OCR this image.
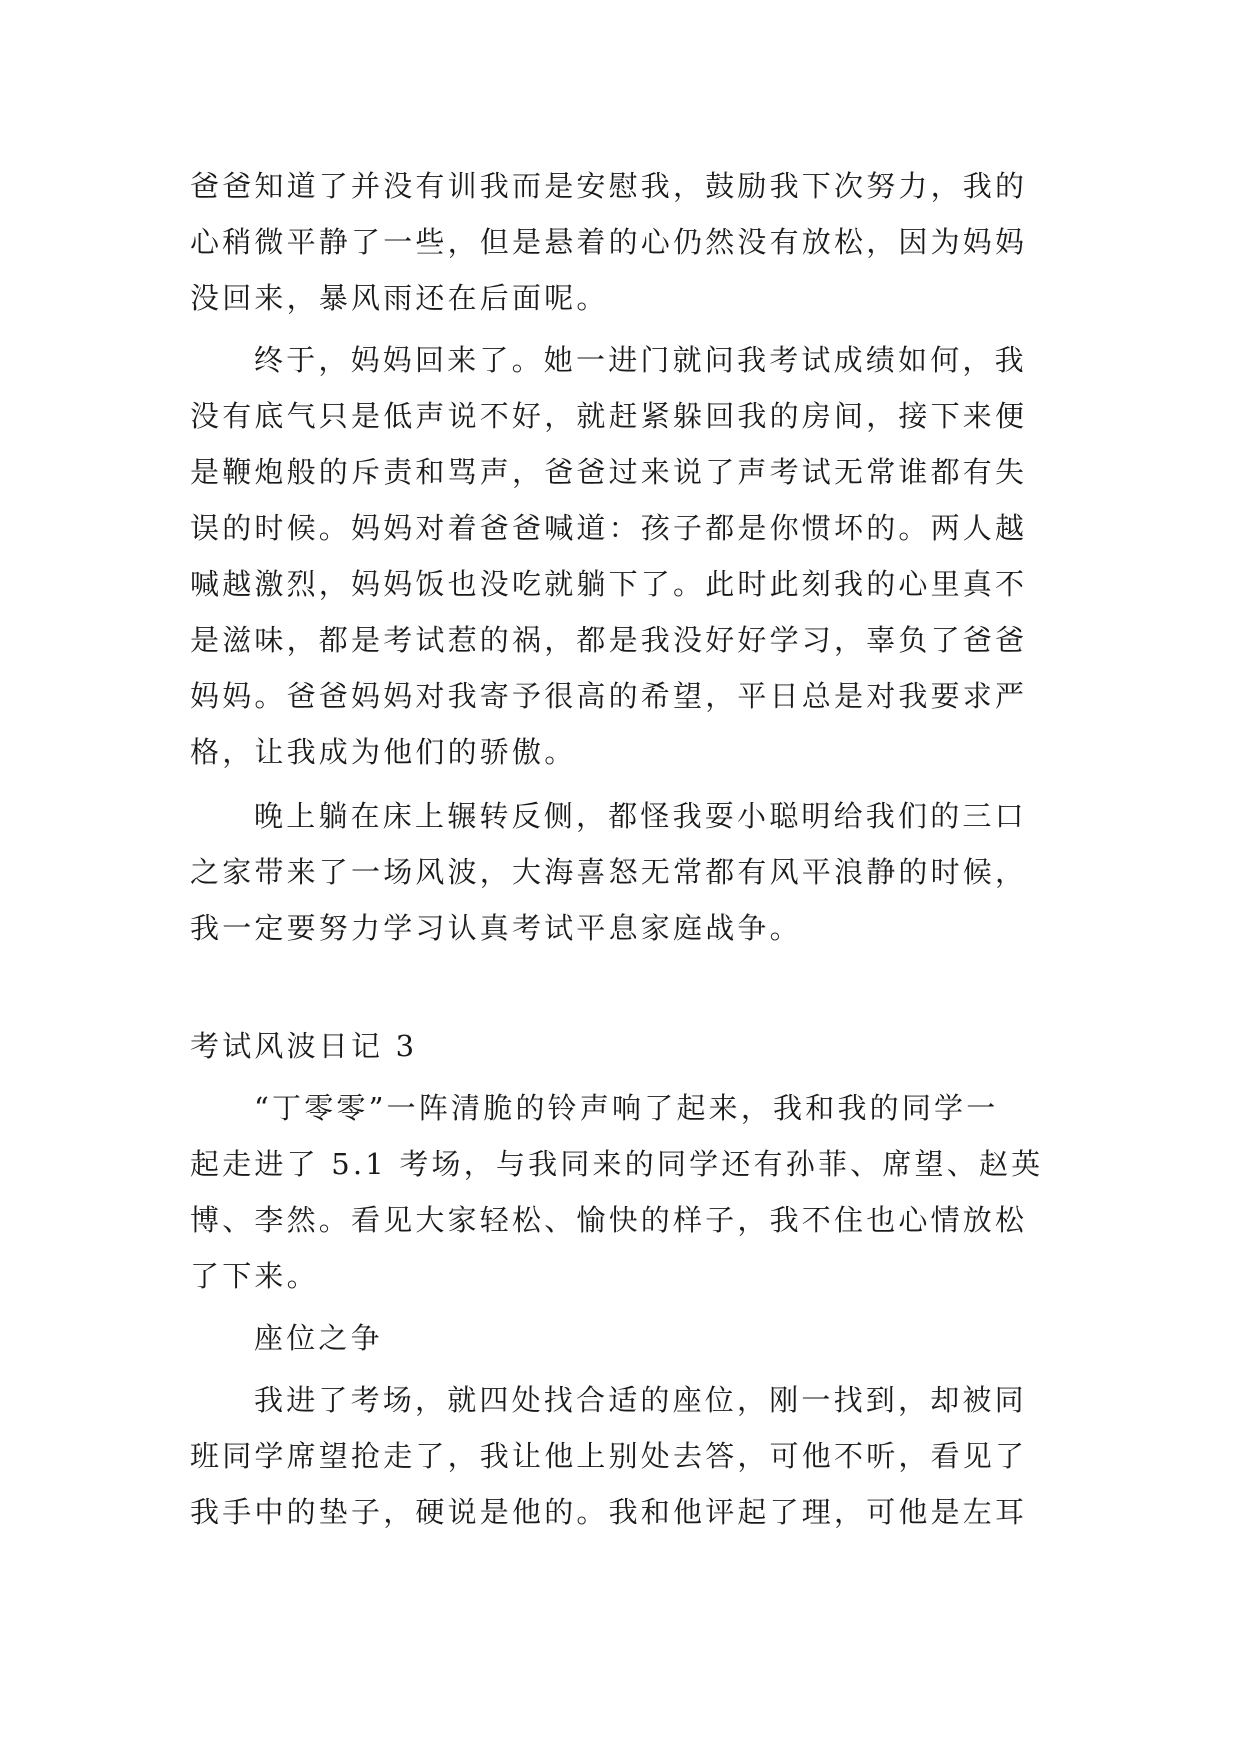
爸爸知道了并没有训我而是安慰我，鼓励我下次努力，我的
心稍微平静了一些，但是悬着的心仍然没有放松，因为妈妈
没回来，暴风雨还在后面呢。
终于，妈妈回来了。她一进门就问我考试成绩如何，我
没有底气只是低声说不好，就赶紧躲回我的房间，接下来便
是鞭炮般的斥责和骂声，爸爸过来说了声考试无常谁都有失
误的时候。妈妈对着爸爸喊道：孩子都是你惯坏的。两人越
喊越激烈，妈妈饭也没吃就躺下了。此时此刻我的心里真不
是滋味，都是考试惹的祸，都是我没好好学习，辜负了爸爸
妈妈。爸爸妈妈对我寄予很高的希望，平日总是对我要求严
格，让我成为他们的骄傲。
晚上躺在床上辗转反侧，都怪我耍小聪明给我们的三口
之家带来了一场风波，大海喜怒无常都有风平浪静的时候，
我一定要努力学习认真考试平息家庭战争。
考试风波日记 3
“丁零零”一阵清脆的铃声响了起来，我和我的同学一
起走进了 5.1 考场，与我同来的同学还有孙菲、席望、赵英
博、李然。看见大家轻松、愉快的样子，我不住也心情放松
了下来。
座位之争
我进了考场，就四处找合适的座位，刚一找到，却被同
班同学席望抢走了，我让他上别处去答，可他不听，看见了
我手中的垫子，硬说是他的。我和他评起了理，可他是左耳
